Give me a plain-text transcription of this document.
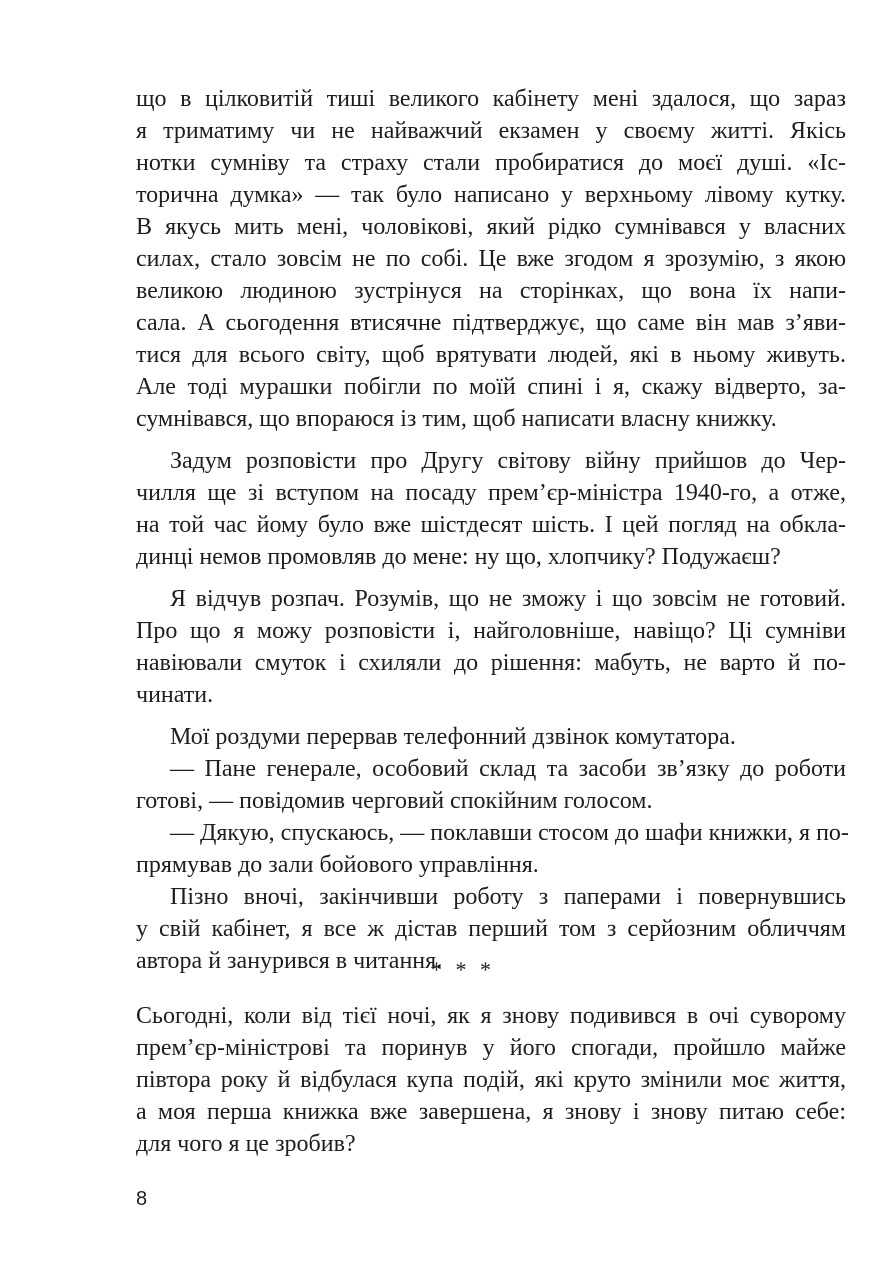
що в цілковитій тиші великого кабінету мені здалося, що зараз
я триматиму чи не найважчий екзамен у своєму житті. Якісь
нотки сумніву та страху стали пробиратися до моєї душі. «Іс-
торична думка» — так було написано у верхньому лівому кутку.
В якусь мить мені, чоловікові, який рідко сумнівався у власних
силах, стало зовсім не по собі. Це вже згодом я зрозумію, з якою
великою людиною зустрінуся на сторінках, що вона їх напи-
сала. А сьогодення втисячне підтверджує, що саме він мав з’яви-
тися для всього світу, щоб врятувати людей, які в ньому живуть.
Але тоді мурашки побігли по моїй спині і я, скажу відверто, за-
сумнівався, що впораюся із тим, щоб написати власну книжку.
Задум розповісти про Другу світову війну прийшов до Чер-
чилля ще зі вступом на посаду прем’єр-міністра 1940-го, а отже,
на той час йому було вже шістдесят шість. І цей погляд на обкла-
динці немов промовляв до мене: ну що, хлопчику? Подужаєш?
Я відчув розпач. Розумів, що не зможу і що зовсім не готовий.
Про що я можу розповісти і, найголовніше, навіщо? Ці сумніви
навіювали смуток і схиляли до рішення: мабуть, не варто й по-
чинати.
Мої роздуми перервав телефонний дзвінок комутатора.
— Пане генерале, особовий склад та засоби зв’язку до роботи
готові, — повідомив черговий спокійним голосом.
— Дякую, спускаюсь, — поклавши стосом до шафи книжки, я по-
прямував до зали бойового управління.
Пізно вночі, закінчивши роботу з паперами і повернувшись
у свій кабінет, я все ж дістав перший том з серйозним обличчям
автора й занурився в читання.
* * *
Сьогодні, коли від тієї ночі, як я знову подивився в очі суворому
прем’єр-міністрові та поринув у його спогади, пройшло майже
півтора року й відбулася купа подій, які круто змінили моє життя,
а моя перша книжка вже завершена, я знову і знову питаю себе:
для чого я це зробив?
8
